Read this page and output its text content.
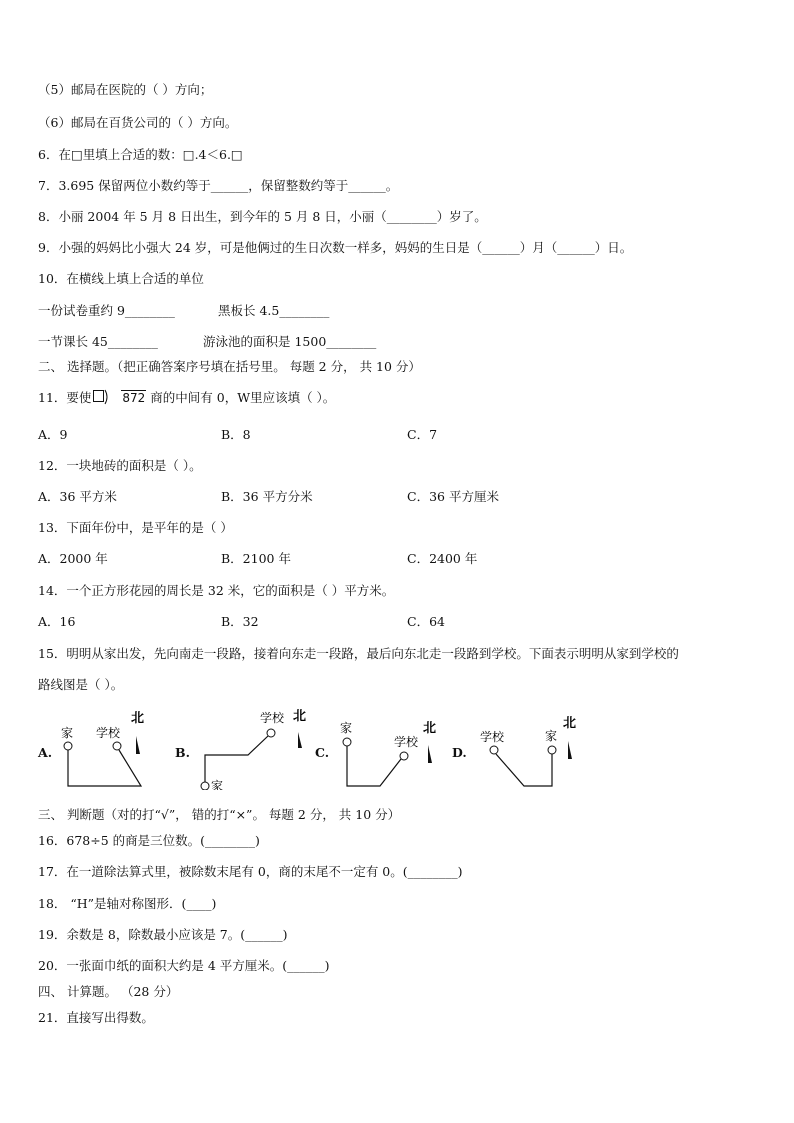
（5）邮局在医院的（ ）方向；
（6）邮局在百货公司的（ ）方向。
6．在□里填上合适的数：□.4＜6.□
7．3.695 保留两位小数约等于______，保留整数约等于______。
8．小丽 2004 年 5 月 8 日出生，到今年的 5 月 8 日，小丽（________）岁了。
9．小强的妈妈比小强大 24 岁，可是他俩过的生日次数一样多，妈妈的生日是（______）月（______）日。
10．在横线上填上合适的单位
一份试卷重约 9________	黑板长 4.5________
一节课长 45________	游泳池的面积是 1500________
二、 选择题。（把正确答案序号填在括号里。 每题 2 分， 共 10 分）
11．要使	872 商的中间有 0，W里应该填（ ）。
A．9	B．8	C．7
12．一块地砖的面积是（ ）。
A．36 平方米	B．36 平方分米	C．36 平方厘米
13．下面年份中，是平年的是（ ）
A．2000 年	B．2100 年	C．2400 年
14．一个正方形花园的周长是 32 米，它的面积是（ ）平方米。
A．16	B．32	C．64
15．明明从家出发，先向南走一段路，接着向东走一段路，最后向东北走一段路到学校。下面表示明明从家到学校的
路线图是（ ）。
A.	B.	C.	D.
家 学校
北	学校 北
家
家
学校
北
学校	家
北
三、 判断题（对的打“√”， 错的打“×”。 每题 2 分， 共 10 分）
16．678÷5 的商是三位数。(________)
17．在一道除法算式里，被除数末尾有 0，商的末尾不一定有 0。(________)
18． “H”是轴对称图形．(____)
19．余数是 8，除数最小应该是 7。(______)
20．一张面巾纸的面积大约是 4 平方厘米。(______)
四、 计算题。 （28 分）
21．直接写出得数。
